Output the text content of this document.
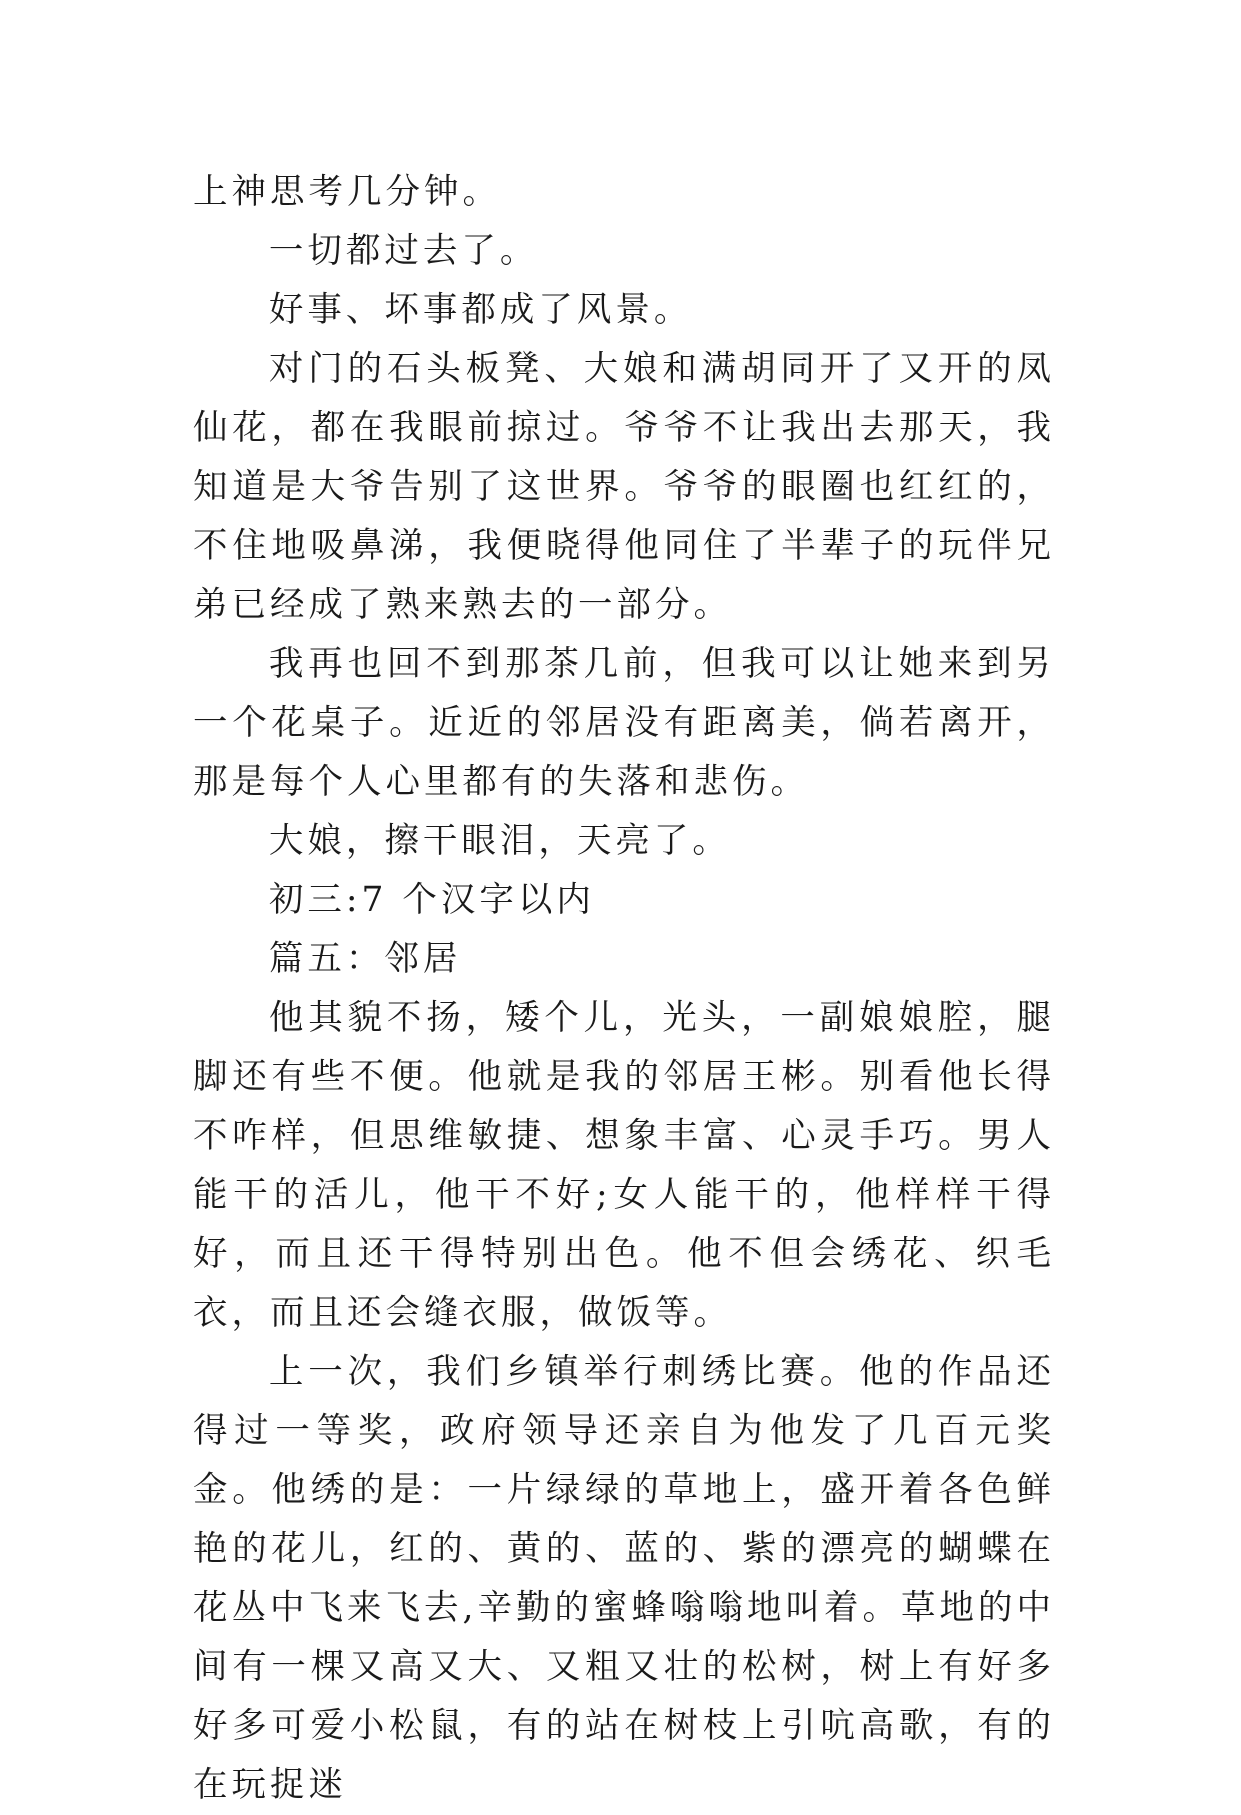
上神思考几分钟。

一切都过去了。

好事、坏事都成了风景。

对门的石头板凳、大娘和满胡同开了又开的凤仙花，都在我眼前掠过。爷爷不让我出去那天，我知道是大爷告别了这世界。爷爷的眼圈也红红的，不住地吸鼻涕，我便晓得他同住了半辈子的玩伴兄弟已经成了熟来熟去的一部分。

我再也回不到那茶几前，但我可以让她来到另一个花桌子。近近的邻居没有距离美，倘若离开，那是每个人心里都有的失落和悲伤。

大娘，擦干眼泪，天亮了。

初三:7 个汉字以内

篇五：邻居

他其貌不扬，矮个儿，光头，一副娘娘腔，腿脚还有些不便。他就是我的邻居王彬。别看他长得不咋样，但思维敏捷、想象丰富、心灵手巧。男人能干的活儿，他干不好;女人能干的，他样样干得好，而且还干得特别出色。他不但会绣花、织毛衣，而且还会缝衣服，做饭等。

上一次，我们乡镇举行刺绣比赛。他的作品还得过一等奖，政府领导还亲自为他发了几百元奖金。他绣的是：一片绿绿的草地上，盛开着各色鲜艳的花儿，红的、黄的、蓝的、紫的漂亮的蝴蝶在花丛中飞来飞去,辛勤的蜜蜂嗡嗡地叫着。草地的中间有一棵又高又大、又粗又壮的松树，树上有好多好多可爱小松鼠，有的站在树枝上引吭高歌，有的在玩捉迷
